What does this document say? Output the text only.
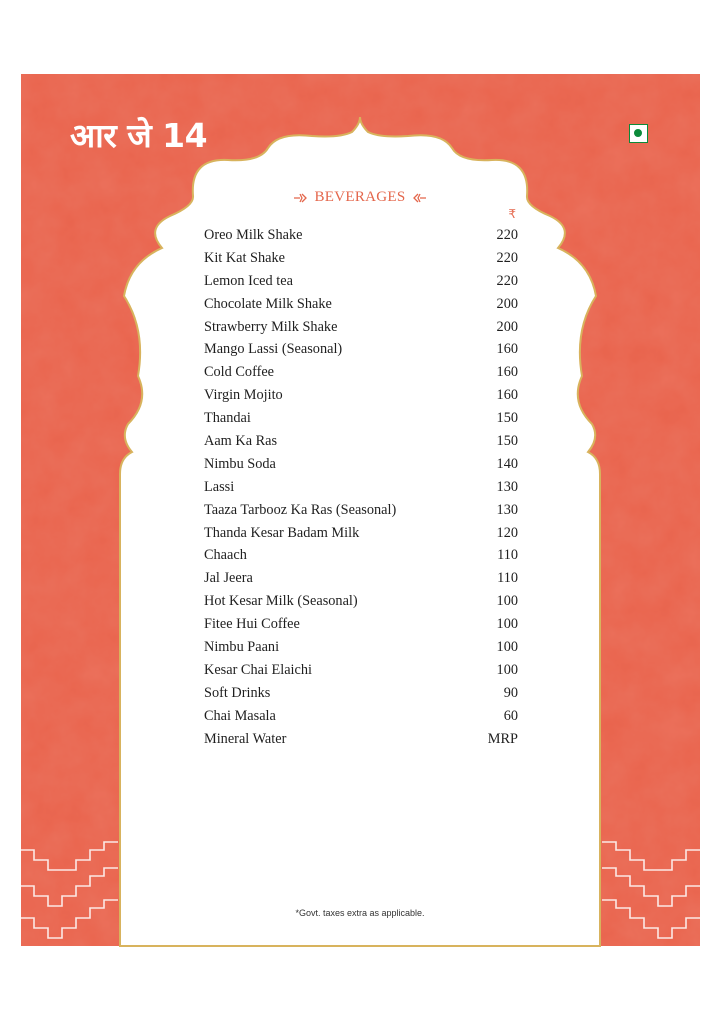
आर जे 14
BEVERAGES
₹
Oreo Milk Shake	220
Kit Kat Shake	220
Lemon Iced tea	220
Chocolate Milk Shake	200
Strawberry Milk Shake	200
Mango Lassi (Seasonal)	160
Cold Coffee	160
Virgin Mojito	160
Thandai	150
Aam Ka Ras	150
Nimbu Soda	140
Lassi	130
Taaza Tarbooz Ka Ras (Seasonal)	130
Thanda Kesar Badam Milk	120
Chaach	110
Jal Jeera	110
Hot Kesar Milk (Seasonal)	100
Fitee Hui Coffee	100
Nimbu Paani	100
Kesar Chai Elaichi	100
Soft Drinks	90
Chai Masala	60
Mineral Water	MRP
*Govt. taxes extra as applicable.
